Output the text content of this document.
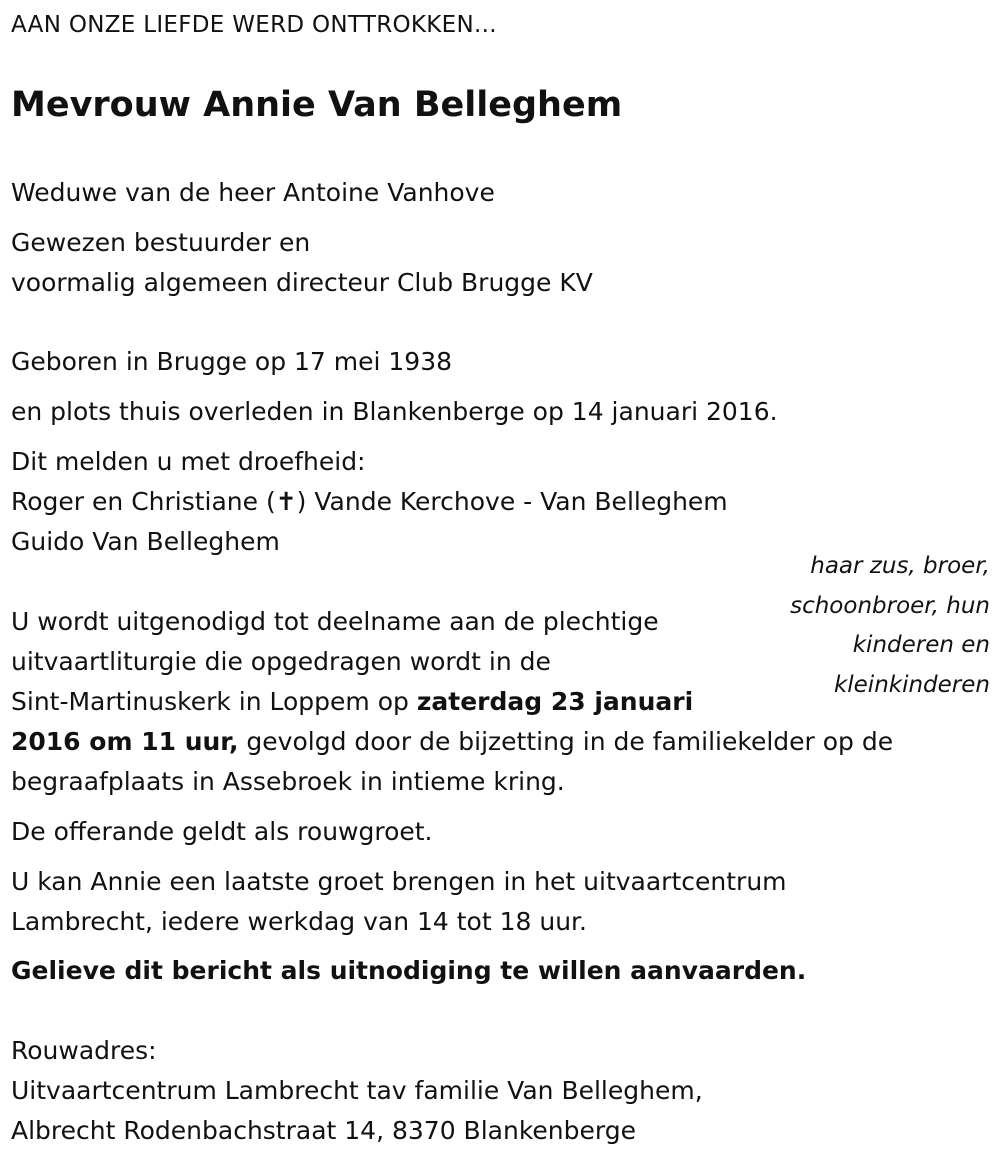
AAN ONZE LIEFDE WERD ONTTROKKEN...
Mevrouw Annie Van Belleghem
Weduwe van de heer Antoine Vanhove
Gewezen bestuurder en
voormalig algemeen directeur Club Brugge KV
Geboren in Brugge op 17 mei 1938
en plots thuis overleden in Blankenberge op 14 januari 2016.
Dit melden u met droefheid:
Roger en Christiane (✝) Vande Kerchove - Van Belleghem
Guido Van Belleghem
haar zus, broer,
schoonbroer, hun
kinderen en
kleinkinderen
U wordt uitgenodigd tot deelname aan de plechtige
uitvaartliturgie die opgedragen wordt in de
Sint-Martinuskerk in Loppem op zaterdag 23 januari
2016 om 11 uur, gevolgd door de bijzetting in de familiekelder op de
begraafplaats in Assebroek in intieme kring.
De offerande geldt als rouwgroet.
U kan Annie een laatste groet brengen in het uitvaartcentrum
Lambrecht, iedere werkdag van 14 tot 18 uur.
Gelieve dit bericht als uitnodiging te willen aanvaarden.
Rouwadres:
Uitvaartcentrum Lambrecht tav familie Van Belleghem,
Albrecht Rodenbachstraat 14, 8370 Blankenberge
